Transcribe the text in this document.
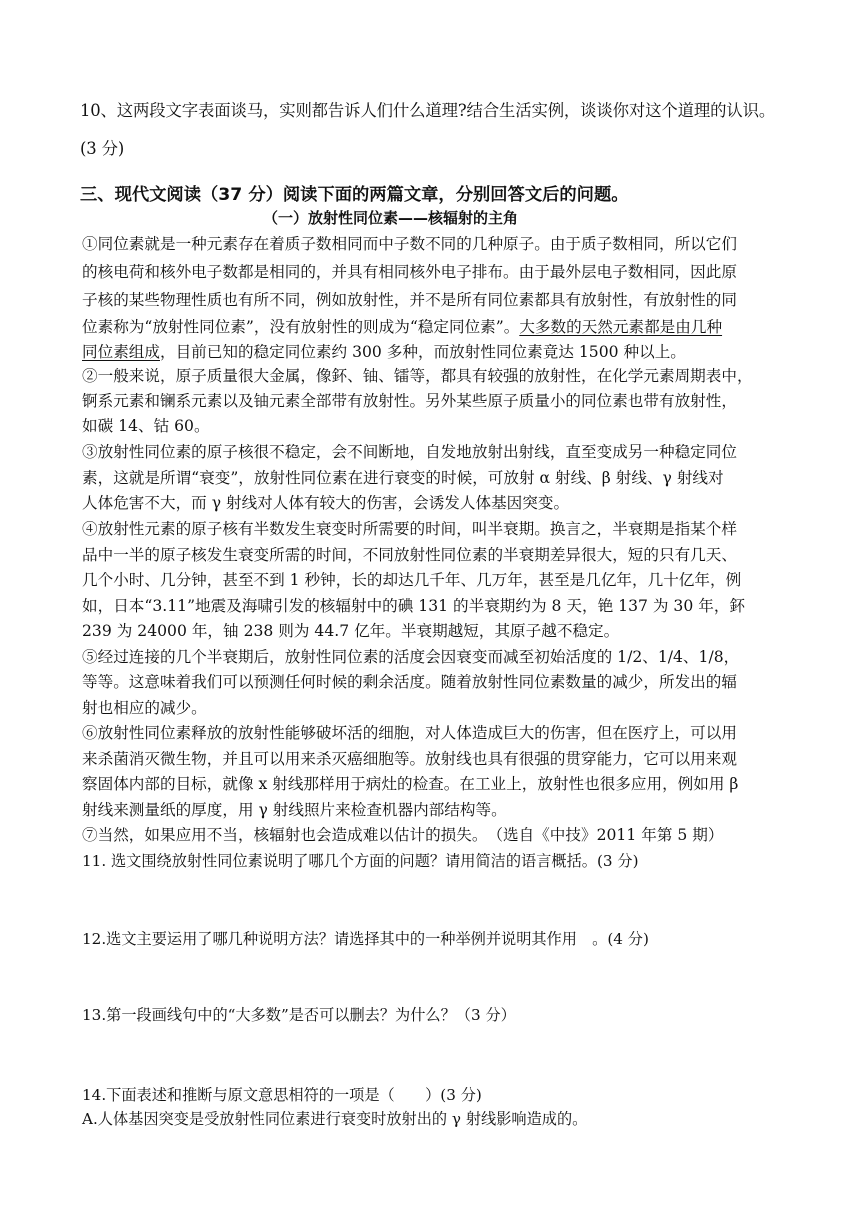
10、这两段文字表面谈马，实则都告诉人们什么道理?结合生活实例，谈谈你对这个道理的认识。
(3 分)
三、现代文阅读（37 分）阅读下面的两篇文章，分别回答文后的问题。
（一）放射性同位素——核辐射的主角
①同位素就是一种元素存在着质子数相同而中子数不同的几种原子。由于质子数相同，所以它们
的核电荷和核外电子数都是相同的，并具有相同核外电子排布。由于最外层电子数相同，因此原
子核的某些物理性质也有所不同，例如放射性，并不是所有同位素都具有放射性，有放射性的同
位素称为“放射性同位素”，没有放射性的则成为“稳定同位素”。大多数的天然元素都是由几种
同位素组成，目前已知的稳定同位素约 300 多种，而放射性同位素竟达 1500 种以上。
②一般来说，原子质量很大金属，像鈈、铀、镭等，都具有较强的放射性，在化学元素周期表中，
锕系元素和镧系元素以及铀元素全部带有放射性。另外某些原子质量小的同位素也带有放射性，
如碳 14、钴 60。
③放射性同位素的原子核很不稳定，会不间断地，自发地放射出射线，直至变成另一种稳定同位
素，这就是所谓“衰变”，放射性同位素在进行衰变的时候，可放射 α 射线、β 射线、γ 射线对
人体危害不大，而 γ 射线对人体有较大的伤害，会诱发人体基因突变。
④放射性元素的原子核有半数发生衰变时所需要的时间，叫半衰期。换言之，半衰期是指某个样
品中一半的原子核发生衰变所需的时间，不同放射性同位素的半衰期差异很大，短的只有几天、
几个小时、几分钟，甚至不到 1 秒钟，长的却达几千年、几万年，甚至是几亿年，几十亿年，例
如，日本“3.11”地震及海啸引发的核辐射中的碘 131 的半衰期约为 8 天，铯 137 为 30 年，鈈
239 为 24000 年，铀 238 则为 44.7 亿年。半衰期越短，其原子越不稳定。
⑤经过连接的几个半衰期后，放射性同位素的活度会因衰变而减至初始活度的 1/2、1/4、1/8，
等等。这意味着我们可以预测任何时候的剩余活度。随着放射性同位素数量的减少，所发出的辐
射也相应的减少。
⑥放射性同位素释放的放射性能够破坏活的细胞，对人体造成巨大的伤害，但在医疗上，可以用
来杀菌消灭微生物，并且可以用来杀灭癌细胞等。放射线也具有很强的贯穿能力，它可以用来观
察固体内部的目标，就像 x 射线那样用于病灶的检查。在工业上，放射性也很多应用，例如用 β
射线来测量纸的厚度，用 γ 射线照片来检查机器内部结构等。
⑦当然，如果应用不当，核辐射也会造成难以估计的损失。　（选自《中技》2011 年第 5 期）
11. 选文围绕放射性同位素说明了哪几个方面的问题？请用简洁的语言概括。(3 分)
12.选文主要运用了哪几种说明方法？请选择其中的一种举例并说明其作用　。(4 分)
13.第一段画线句中的“大多数”是否可以删去？为什么？（3 分）
14.下面表述和推断与原文意思相符的一项是（　　）(3 分)
A.人体基因突变是受放射性同位素进行衰变时放射出的 γ 射线影响造成的。
